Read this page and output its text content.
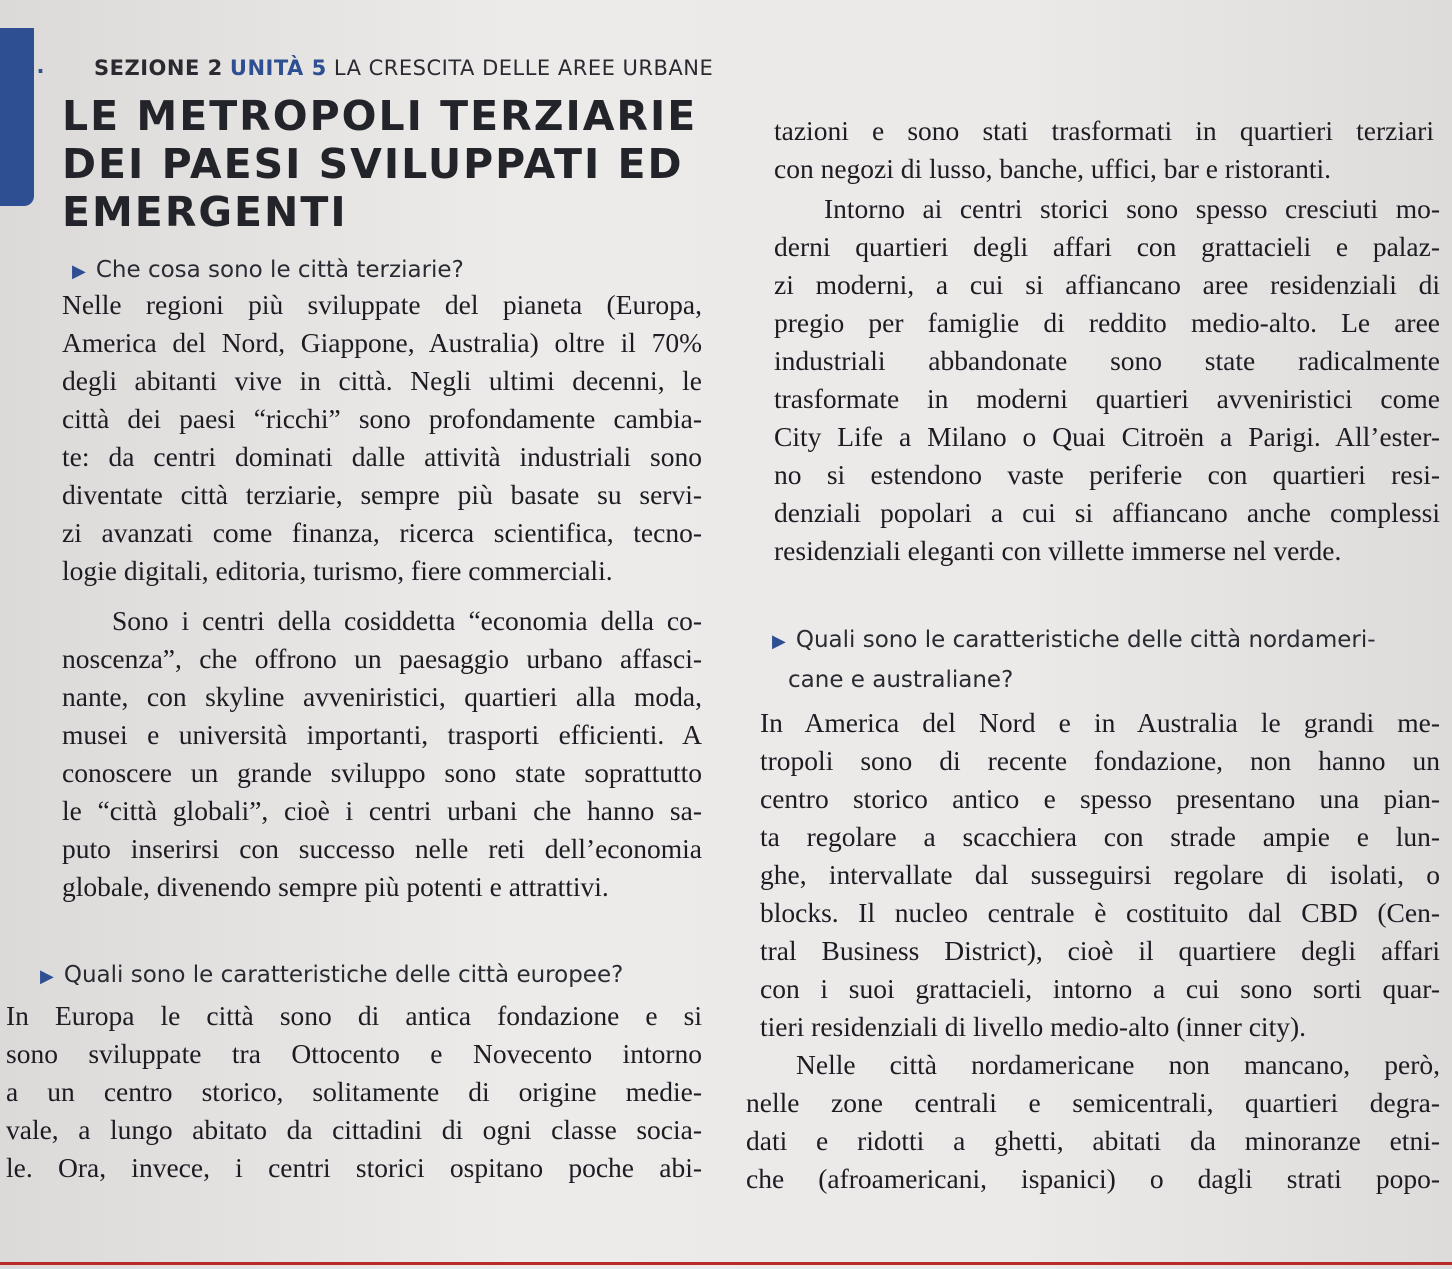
.. SEZIONE 2 UNITÀ 5 LA CRESCITA DELLE AREE URBANE
LE METROPOLI TERZIARIE
DEI PAESI SVILUPPATI ED
EMERGENTI
▶ Che cosa sono le città terziarie?
Nelle regioni più sviluppate del pianeta (Europa,
America del Nord, Giappone, Australia) oltre il 70%
degli abitanti vive in città. Negli ultimi decenni, le
città dei paesi “ricchi” sono profondamente cambia-
te: da centri dominati dalle attività industriali sono
diventate città terziarie, sempre più basate su servi-
zi avanzati come finanza, ricerca scientifica, tecno-
logie digitali, editoria, turismo, fiere commerciali.
Sono i centri della cosiddetta “economia della co-
noscenza”, che offrono un paesaggio urbano affasci-
nante, con skyline avveniristici, quartieri alla moda,
musei e università importanti, trasporti efficienti. A
conoscere un grande sviluppo sono state soprattutto
le “città globali”, cioè i centri urbani che hanno sa-
puto inserirsi con successo nelle reti dell’economia
globale, divenendo sempre più potenti e attrattivi.
▶ Quali sono le caratteristiche delle città europee?
In Europa le città sono di antica fondazione e si
sono sviluppate tra Ottocento e Novecento intorno
a un centro storico, solitamente di origine medie-
vale, a lungo abitato da cittadini di ogni classe socia-
le. Ora, invece, i centri storici ospitano poche abi-
tazioni e sono stati trasformati in quartieri terziari
con negozi di lusso, banche, uffici, bar e ristoranti.
Intorno ai centri storici sono spesso cresciuti mo-
derni quartieri degli affari con grattacieli e palaz-
zi moderni, a cui si affiancano aree residenziali di
pregio per famiglie di reddito medio-alto. Le aree
industriali abbandonate sono state radicalmente
trasformate in moderni quartieri avveniristici come
City Life a Milano o Quai Citroën a Parigi. All’ester-
no si estendono vaste periferie con quartieri resi-
denziali popolari a cui si affiancano anche complessi
residenziali eleganti con villette immerse nel verde.
▶ Quali sono le caratteristiche delle città nordameri-
cane e australiane?
In America del Nord e in Australia le grandi me-
tropoli sono di recente fondazione, non hanno un
centro storico antico e spesso presentano una pian-
ta regolare a scacchiera con strade ampie e lun-
ghe, intervallate dal susseguirsi regolare di isolati, o
blocks. Il nucleo centrale è costituito dal CBD (Cen-
tral Business District), cioè il quartiere degli affari
con i suoi grattacieli, intorno a cui sono sorti quar-
tieri residenziali di livello medio-alto (inner city).
Nelle città nordamericane non mancano, però,
nelle zone centrali e semicentrali, quartieri degra-
dati e ridotti a ghetti, abitati da minoranze etni-
che (afroamericani, ispanici) o dagli strati popo-
